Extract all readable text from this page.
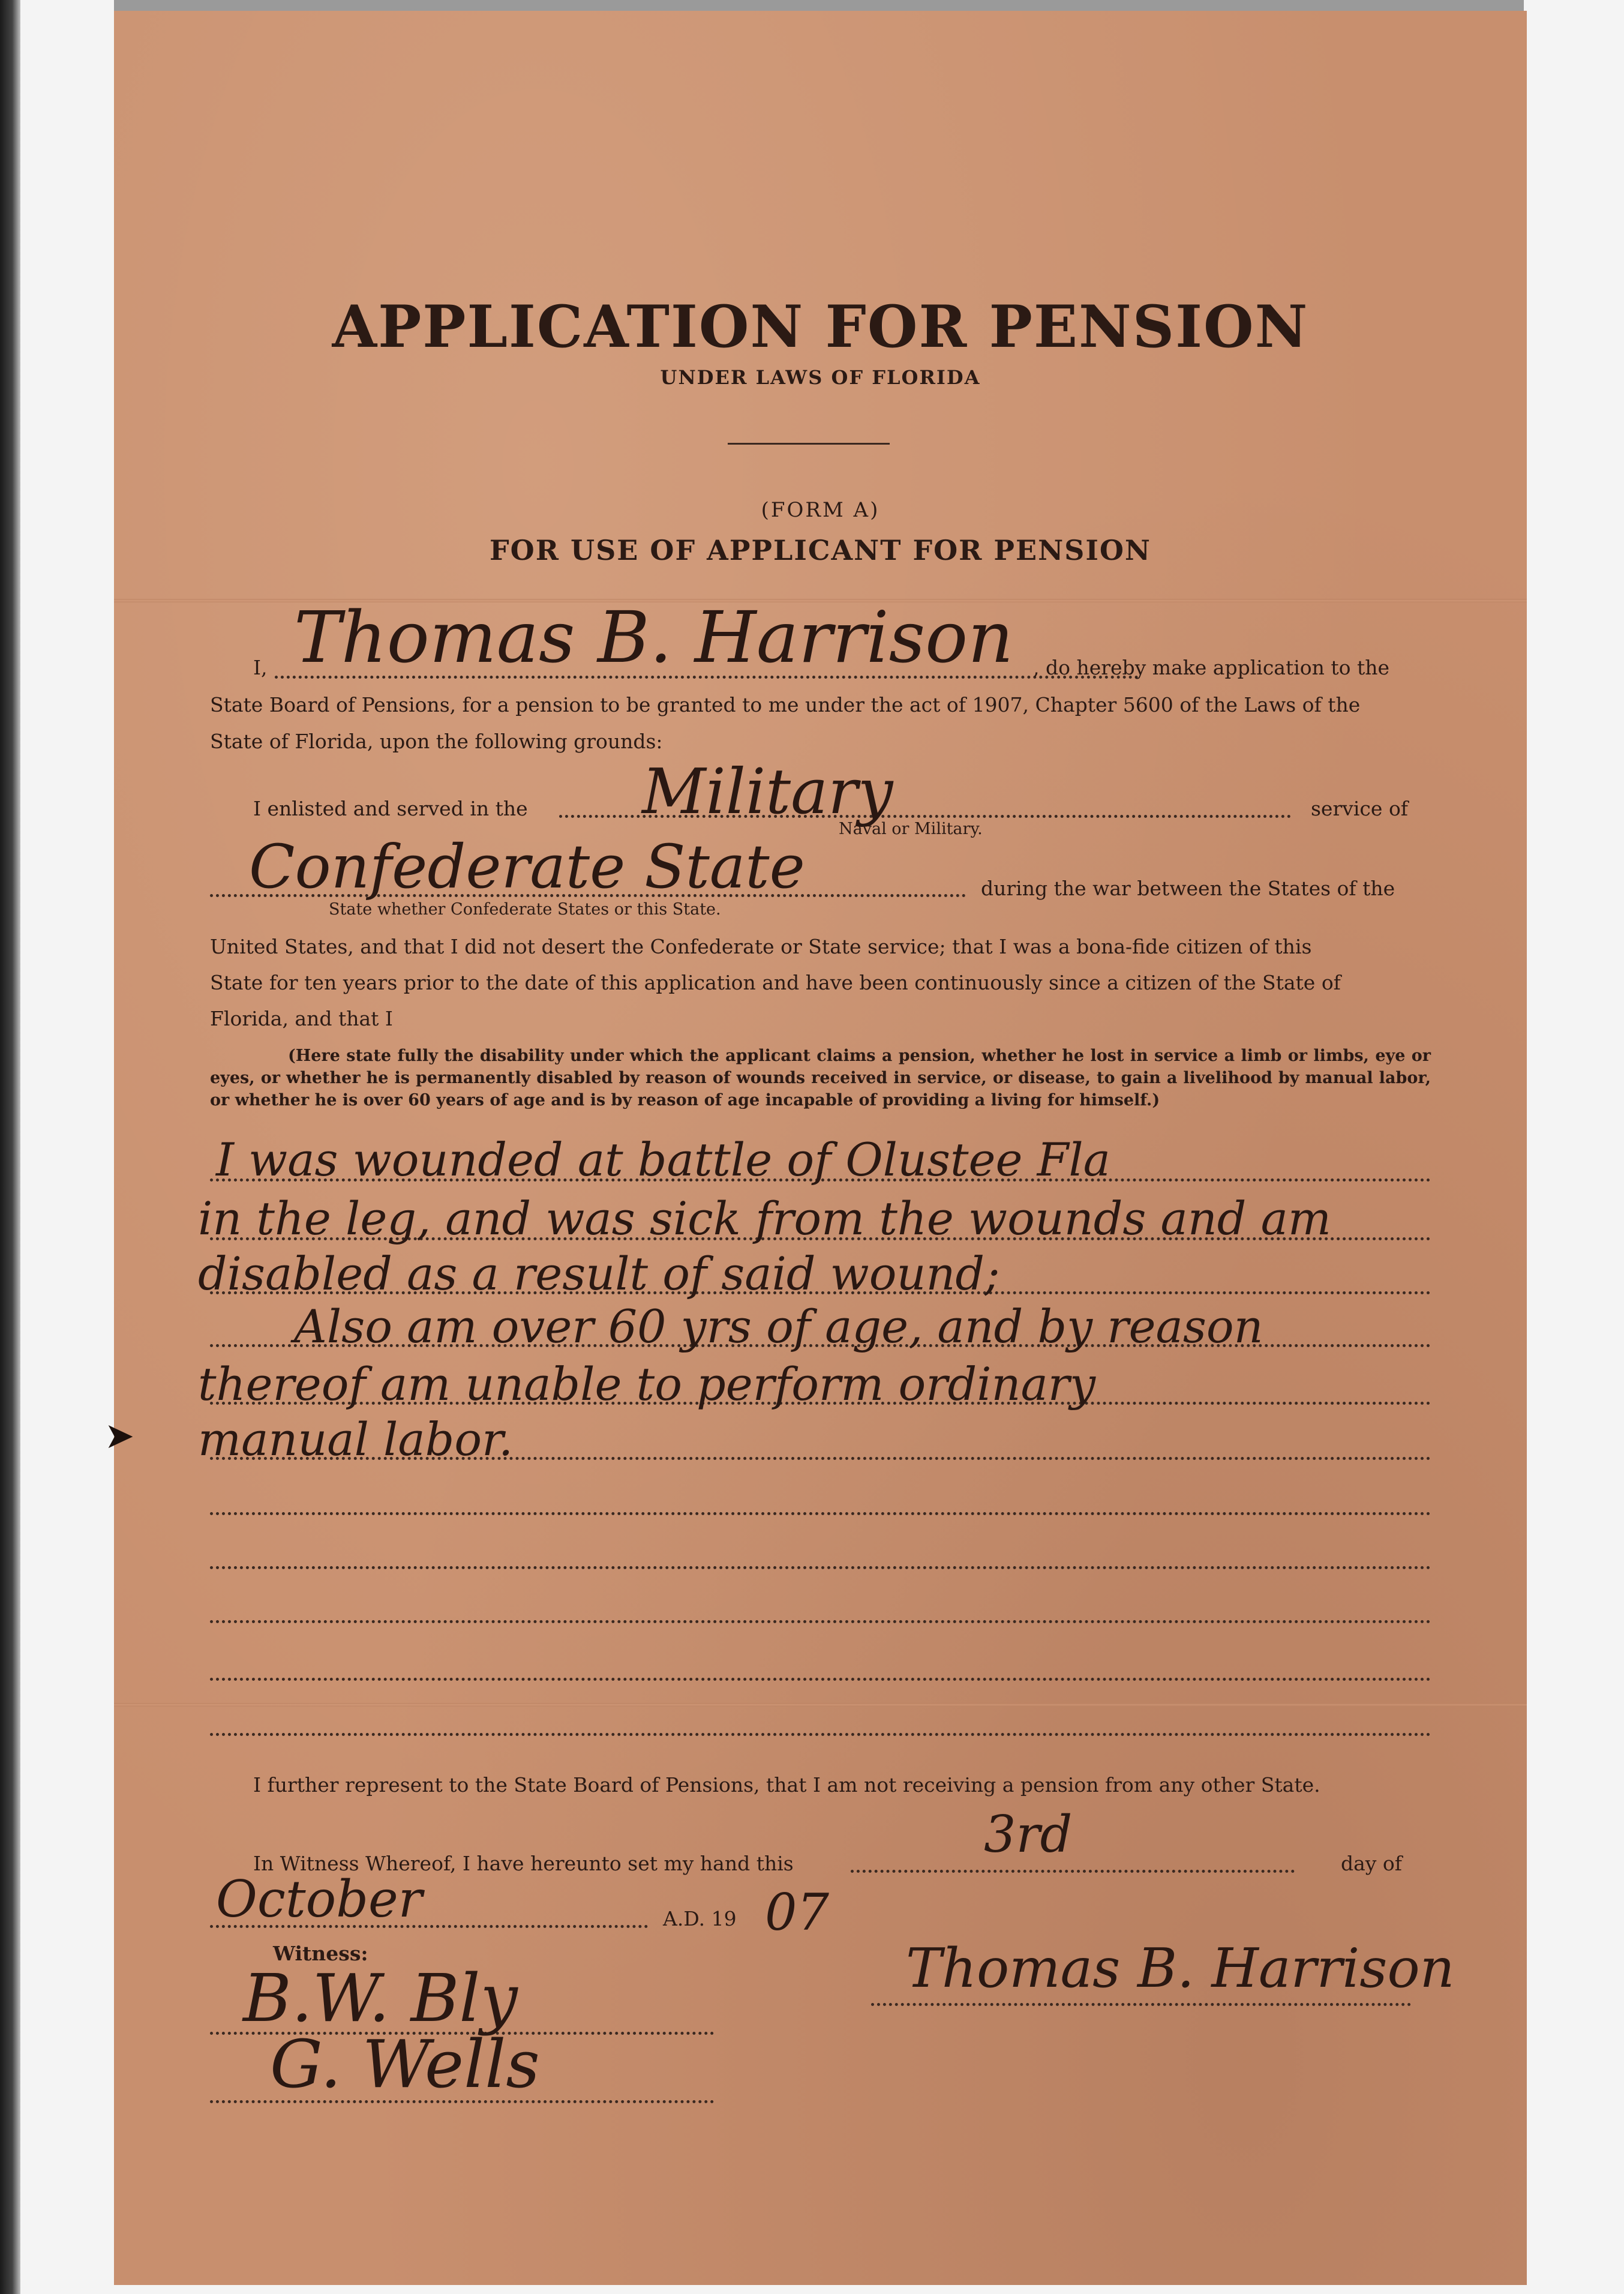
APPLICATION FOR PENSION
UNDER LAWS OF FLORIDA
(FORM A)
FOR USE OF APPLICANT FOR PENSION
I, Thomas B. Harrison , do hereby make application to the
State Board of Pensions, for a pension to be granted to me under the act of 1907, Chapter 5600 of the Laws of the
State of Florida, upon the following grounds:
I enlisted and served in the Military	service of
Naval or Military.
Confederate State	during the war between the States of the
State whether Confederate States or this State.
United States, and that I did not desert the Confederate or State service; that I was a bona-fide citizen of this
State for ten years prior to the date of this application and have been continuously since a citizen of the State of
Florida, and that I
(Here state fully the disability under which the applicant claims a pension, whether he lost in service a limb or limbs, eye or eyes, or whether he is permanently disabled by reason of wounds received in service, or disease, to gain a livelihood by manual labor, or whether he is over 60 years of age and is by reason of age incapable of providing a living for himself.)
I was wounded at battle of Olustee Fla
in the leg, and was sick from the wounds and am
disabled as a result of said wound;
Also am over 60 yrs of age, and by reason
thereof am unable to perform ordinary
manual labor.
➤
I further represent to the State Board of Pensions, that I am not receiving a pension from any other State.
In Witness Whereof, I have hereunto set my hand this	3rd	day of
October	A.D. 19 07
Witness:	Thomas B. Harrison
B.W. Bly
G. Wells
